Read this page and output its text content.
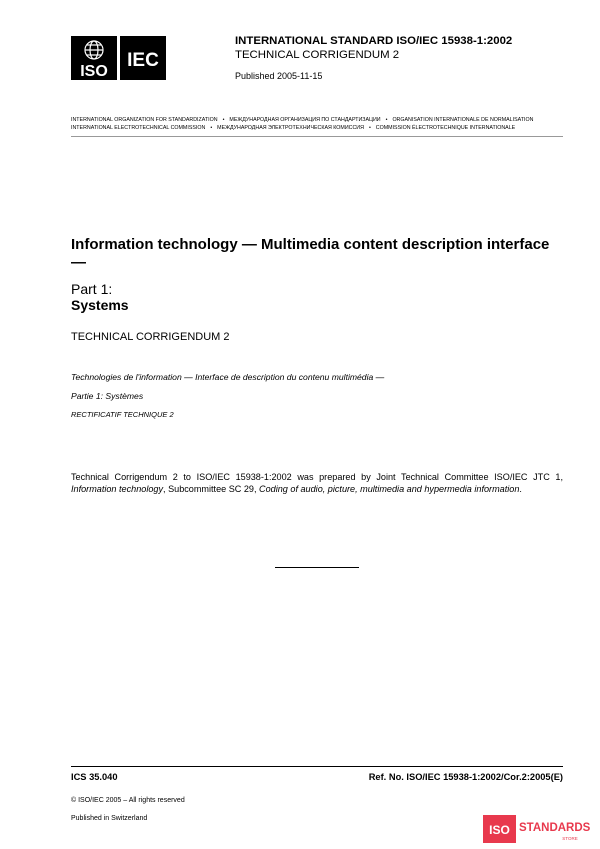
ISO
IEC
INTERNATIONAL STANDARD ISO/IEC 15938-1:2002
TECHNICAL CORRIGENDUM 2
Published 2005-11-15
INTERNATIONAL ORGANIZATION FOR STANDARDIZATION • МЕЖДУНАРОДНАЯ ОРГАНИЗАЦИЯ ПО СТАНДАРТИЗАЦИИ • ORGANISATION INTERNATIONALE DE NORMALISATION
INTERNATIONAL ELECTROTECHNICAL COMMISSION • МЕЖДУНАРОДНАЯ ЭЛЕКТРОТЕХНИЧЕСКАЯ КОМИССИЯ • COMMISSION ÉLECTROTECHNIQUE INTERNATIONALE
Information technology — Multimedia content description interface —
Part 1:
Systems
TECHNICAL CORRIGENDUM 2
Technologies de l'information — Interface de description du contenu multimédia —
Partie 1: Systèmes
RECTIFICATIF TECHNIQUE 2
Technical Corrigendum 2 to ISO/IEC 15938-1:2002 was prepared by Joint Technical Committee ISO/IEC JTC 1, Information technology, Subcommittee SC 29, Coding of audio, picture, multimedia and hypermedia information.
ICS 35.040	Ref. No. ISO/IEC 15938-1:2002/Cor.2:2005(E)
© ISO/IEC 2005 – All rights reserved
Published in Switzerland
ISO STANDARDS
STORE
